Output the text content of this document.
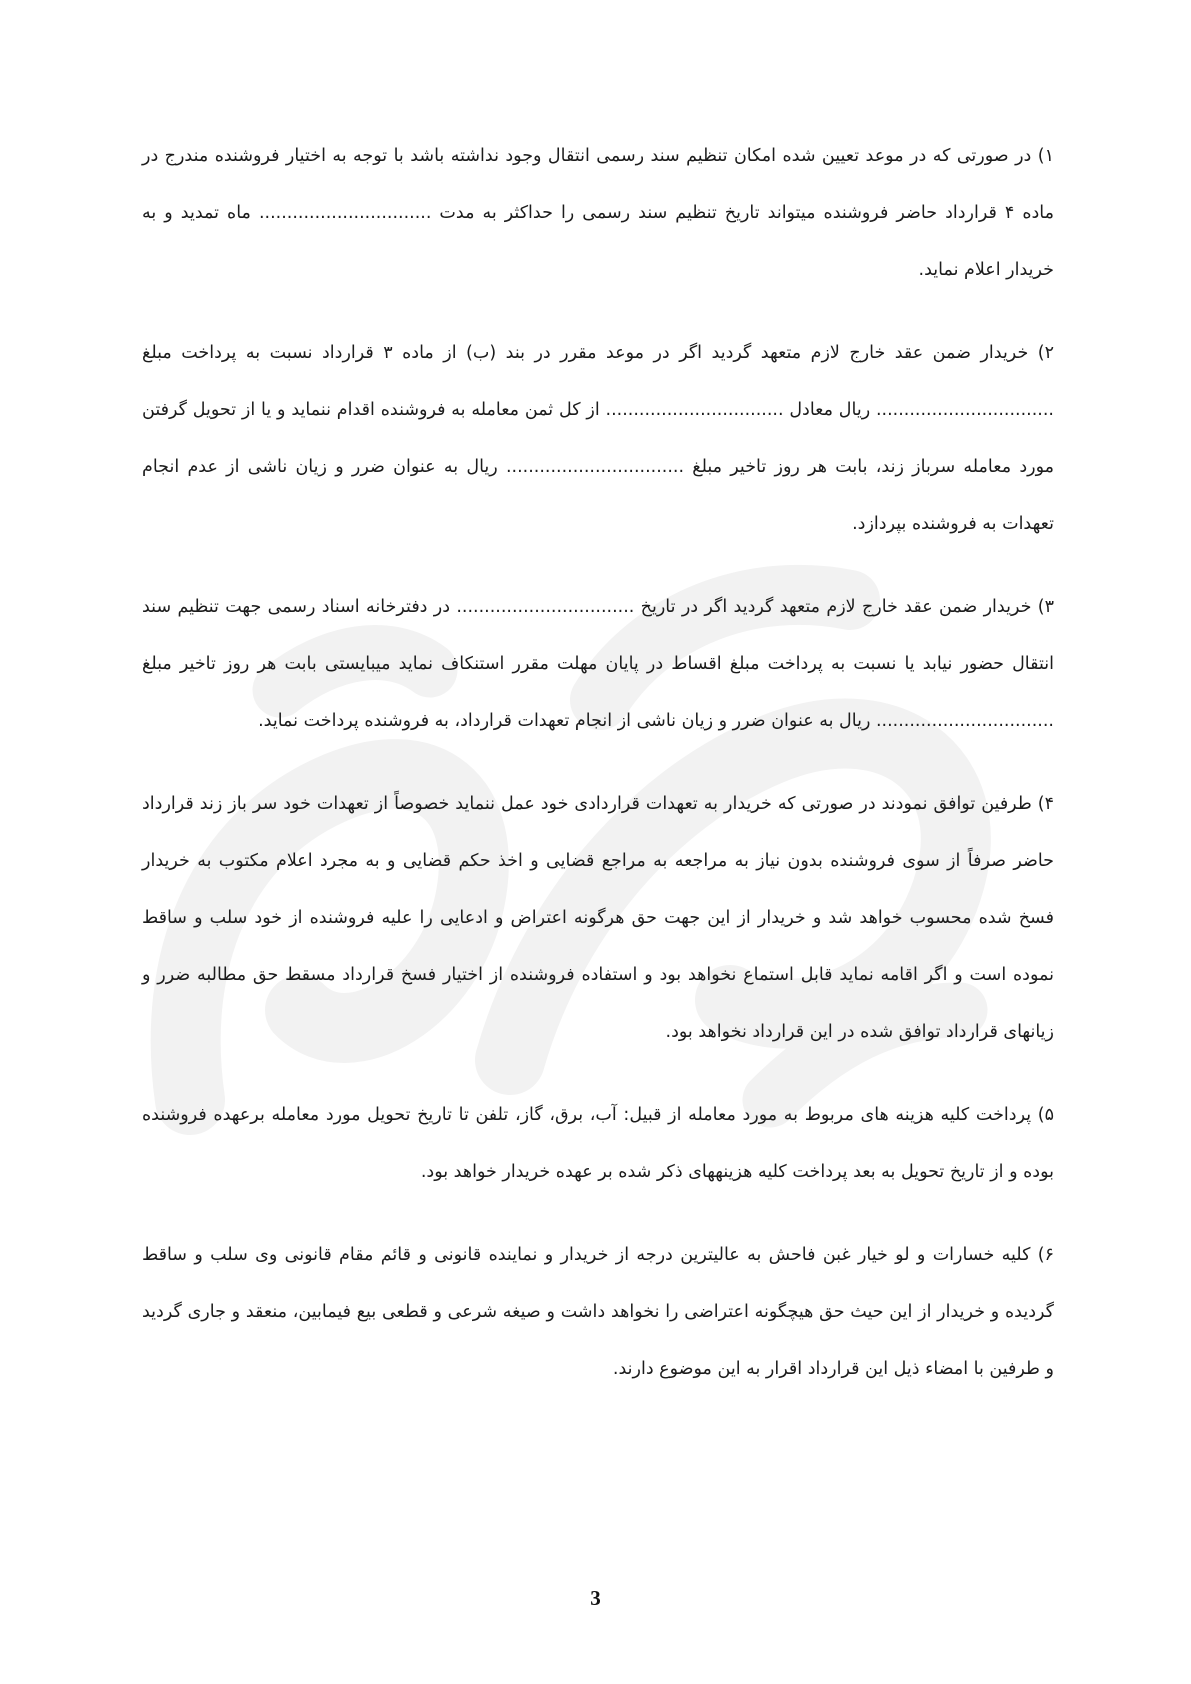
۱) در صورتی که در موعد تعیین شده امکان تنظیم سند رسمی انتقال وجود نداشته باشد با توجه به اختیار فروشنده مندرج در ماده ۴ قرارداد حاضر فروشنده میتواند تاریخ تنظیم سند رسمی را حداکثر به مدت ............................... ماه تمدید و به خریدار اعلام نماید.

۲) خریدار ضمن عقد خارج لازم متعهد گردید اگر در موعد مقرر در بند (ب) از ماده ۳ قرارداد نسبت به پرداخت مبلغ ................................ ریال معادل ................................ از کل ثمن معامله به فروشنده اقدام ننماید و یا از تحویل گرفتن مورد معامله سرباز زند، بابت هر روز تاخیر مبلغ ................................ ریال به عنوان ضرر و زیان ناشی از عدم انجام تعهدات به فروشنده بپردازد.

۳) خریدار ضمن عقد خارج لازم متعهد گردید اگر در تاریخ ................................ در دفترخانه اسناد رسمی جهت تنظیم سند انتقال حضور نیابد یا نسبت به پرداخت مبلغ اقساط در پایان مهلت مقرر استنکاف نماید میبایستی بابت هر روز تاخیر مبلغ ................................ ریال به عنوان ضرر و زیان ناشی از انجام تعهدات قرارداد، به فروشنده پرداخت نماید.

۴) طرفین توافق نمودند در صورتی که خریدار به تعهدات قراردادی خود عمل ننماید خصوصاً از تعهدات خود سر باز زند قرارداد حاضر صرفاً از سوی فروشنده بدون نیاز به مراجعه به مراجع قضایی و اخذ حکم قضایی و به مجرد اعلام مکتوب به خریدار فسخ شده محسوب خواهد شد و خریدار از این جهت حق هرگونه اعتراض و ادعایی را علیه فروشنده از خود سلب و ساقط نموده است و اگر اقامه نماید قابل استماع نخواهد بود و استفاده فروشنده از اختیار فسخ قرارداد مسقط حق مطالبه ضرر و زیانهای قرارداد توافق شده در این قرارداد نخواهد بود.

۵) پرداخت کلیه هزینه های مربوط به مورد معامله از قبیل: آب، برق، گاز، تلفن تا تاریخ تحویل مورد معامله برعهده فروشنده بوده و از تاریخ تحویل به بعد پرداخت کلیه هزینههای ذکر شده بر عهده خریدار خواهد بود.

۶) کلیه خسارات و لو خیار غبن فاحش به عالیترین درجه از خریدار و نماینده قانونی و قائم مقام قانونی وی سلب و ساقط گردیده و خریدار از این حیث حق هیچگونه اعتراضی را نخواهد داشت و صیغه شرعی و قطعی بیع فیمابین، منعقد و جاری گردید و طرفین با امضاء ذیل این قرارداد اقرار به این موضوع دارند.

3
